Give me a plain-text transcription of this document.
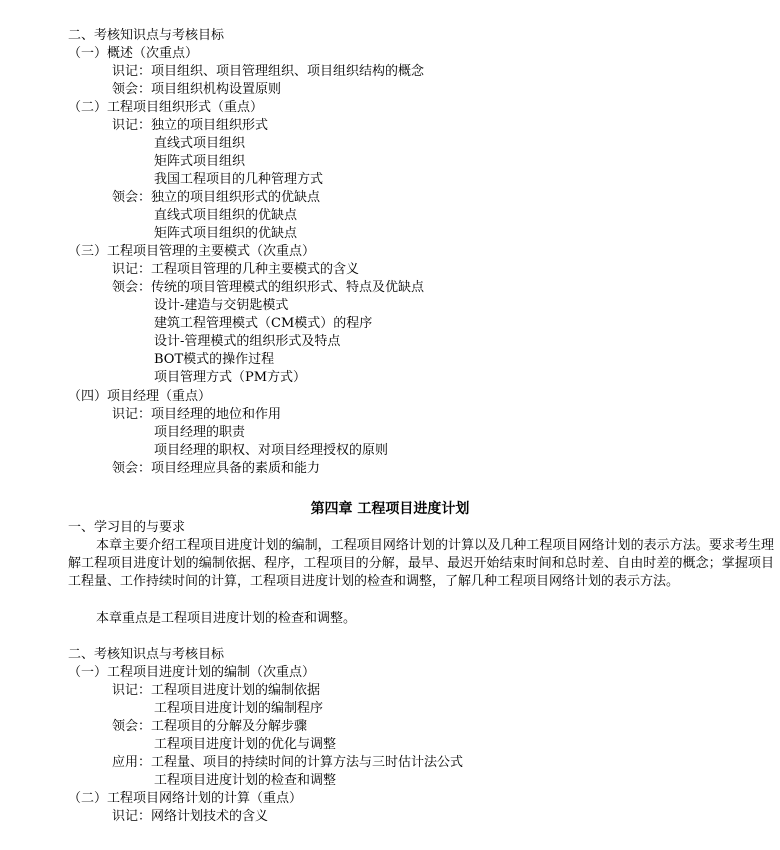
二、考核知识点与考核目标
（一）概述（次重点）
识记：项目组织、项目管理组织、项目组织结构的概念
领会：项目组织机构设置原则
（二）工程项目组织形式（重点）
识记：独立的项目组织形式
直线式项目组织
矩阵式项目组织
我国工程项目的几种管理方式
领会：独立的项目组织形式的优缺点
直线式项目组织的优缺点
矩阵式项目组织的优缺点
（三）工程项目管理的主要模式（次重点）
识记：工程项目管理的几种主要模式的含义
领会：传统的项目管理模式的组织形式、特点及优缺点
设计-建造与交钥匙模式
建筑工程管理模式（CM模式）的程序
设计-管理模式的组织形式及特点
BOT模式的操作过程
项目管理方式（PM方式）
（四）项目经理（重点）
识记：项目经理的地位和作用
项目经理的职责
项目经理的职权、对项目经理授权的原则
领会：项目经理应具备的素质和能力
第四章 工程项目进度计划
一、学习目的与要求
本章主要介绍工程项目进度计划的编制，工程项目网络计划的计算以及几种工程项目网络计划的表示方法。要求考生理解工程项目进度计划的编制依据、程序，工程项目的分解，最早、最迟开始结束时间和总时差、自由时差的概念；掌握项目工程量、工作持续时间的计算，工程项目进度计划的检查和调整，了解几种工程项目网络计划的表示方法。
本章重点是工程项目进度计划的检查和调整。
二、考核知识点与考核目标
（一）工程项目进度计划的编制（次重点）
识记：工程项目进度计划的编制依据
工程项目进度计划的编制程序
领会：工程项目的分解及分解步骤
工程项目进度计划的优化与调整
应用：工程量、项目的持续时间的计算方法与三时估计法公式
工程项目进度计划的检查和调整
（二）工程项目网络计划的计算（重点）
识记：网络计划技术的含义
